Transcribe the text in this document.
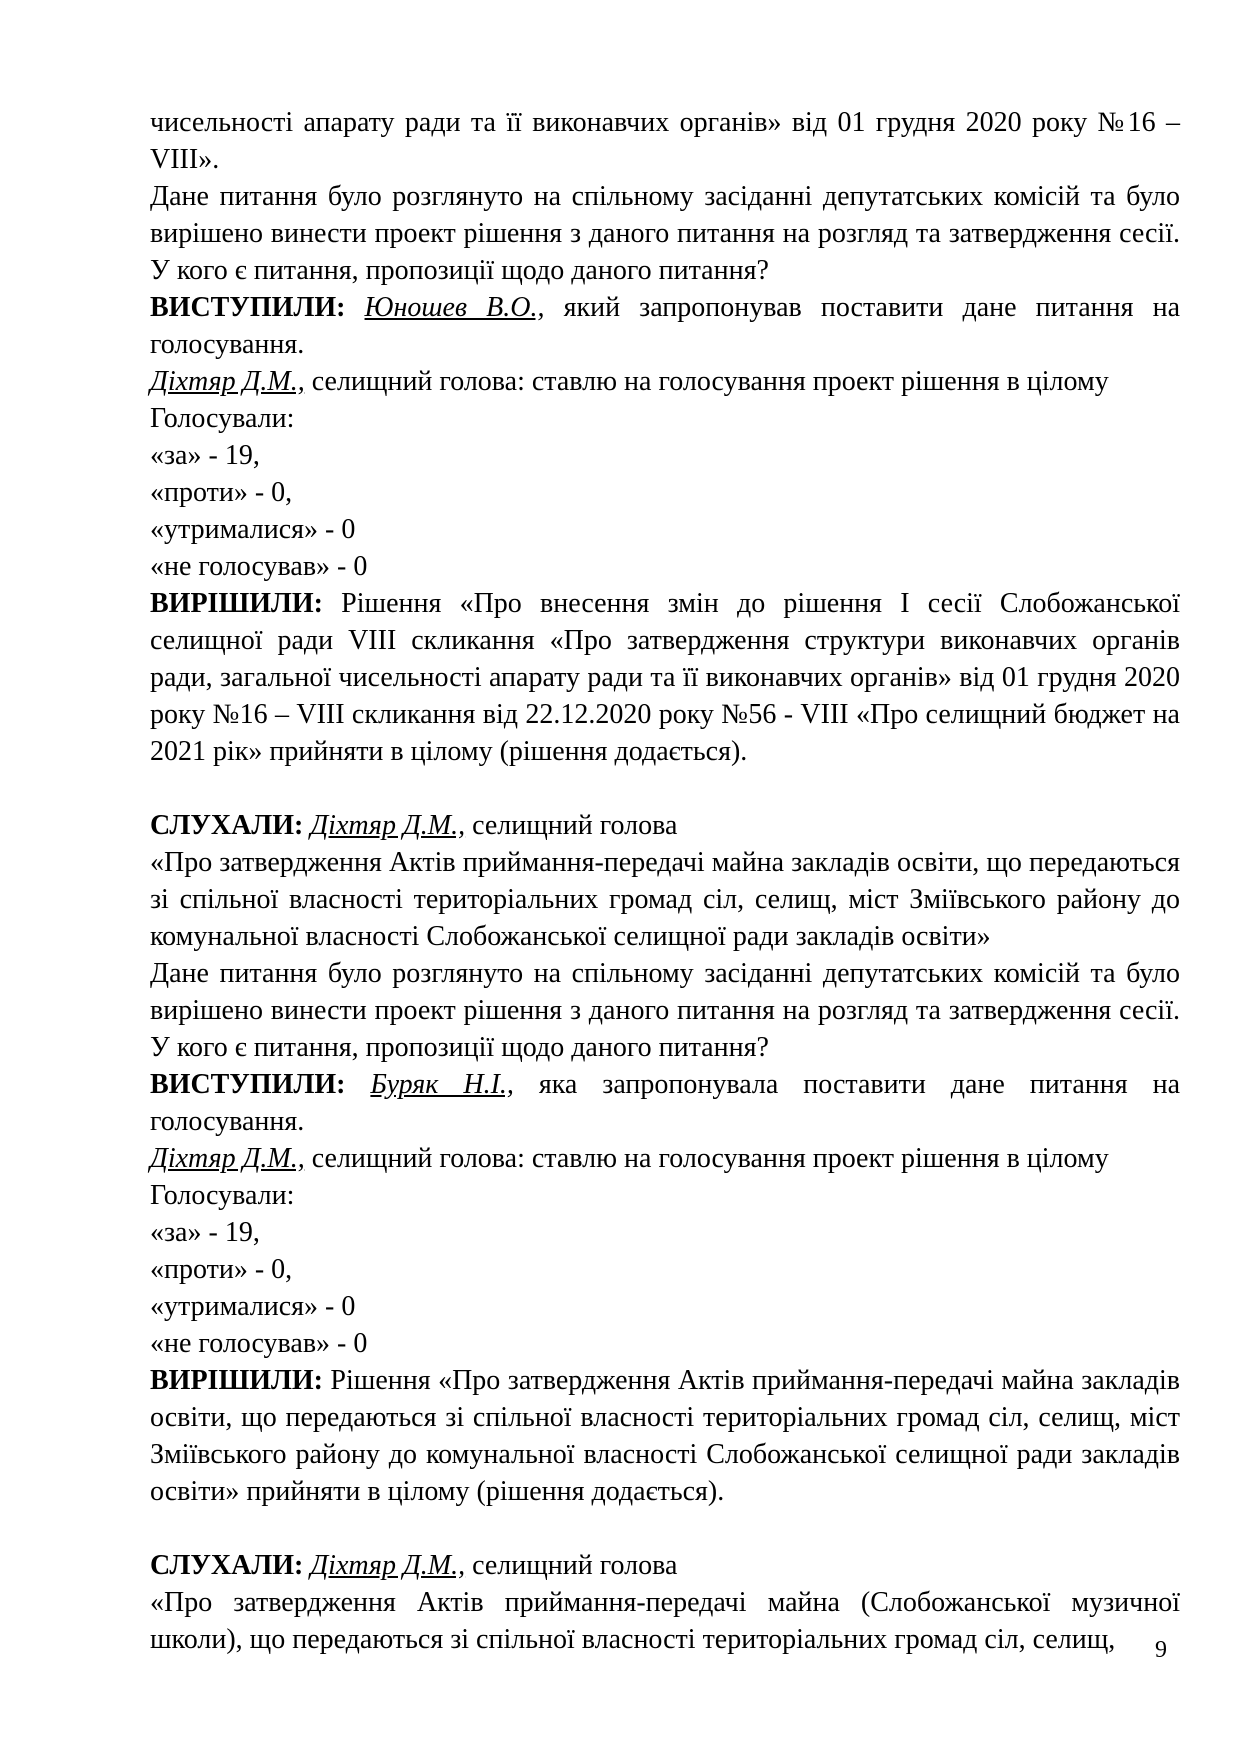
чисельності апарату ради та її виконавчих органів» від 01 грудня 2020 року №16 – VIII».

Дане питання було розглянуто на спільному засіданні депутатських комісій та було вирішено винести проект рішення з даного питання на розгляд та затвердження сесії. У кого є питання, пропозиції щодо даного питання?

ВИСТУПИЛИ: Юношев В.О., який запропонував поставити дане питання на голосування.

Діхтяр Д.М., селищний голова: ставлю на голосування проект рішення в цілому

Голосували:

«за» - 19,

«проти» - 0,

«утрималися» - 0

«не голосував» - 0

ВИРІШИЛИ: Рішення «Про внесення змін до рішення I сесії Слобожанської селищної ради VIII скликання «Про затвердження структури виконавчих органів ради, загальної чисельності апарату ради та її виконавчих органів» від 01 грудня 2020 року №16 – VІІІ скликання від 22.12.2020 року №56 - VIII «Про селищний бюджет на 2021 рік» прийняти в цілому (рішення додається).

СЛУХАЛИ: Діхтяр Д.М., селищний голова

«Про затвердження Актів приймання-передачі майна закладів освіти, що передаються зі спільної власності територіальних громад сіл, селищ, міст Зміївського району до комунальної власності Слобожанської селищної ради закладів освіти»

Дане питання було розглянуто на спільному засіданні депутатських комісій та було вирішено винести проект рішення з даного питання на розгляд та затвердження сесії. У кого є питання, пропозиції щодо даного питання?

ВИСТУПИЛИ: Буряк Н.І., яка запропонувала поставити дане питання на голосування.

Діхтяр Д.М., селищний голова: ставлю на голосування проект рішення в цілому

Голосували:

«за» - 19,

«проти» - 0,

«утрималися» - 0

«не голосував» - 0

ВИРІШИЛИ: Рішення «Про затвердження Актів приймання-передачі майна закладів освіти, що передаються зі спільної власності територіальних громад сіл, селищ, міст Зміївського району до комунальної власності Слобожанської селищної ради закладів освіти» прийняти в цілому (рішення додається).

СЛУХАЛИ: Діхтяр Д.М., селищний голова

«Про затвердження Актів приймання-передачі майна (Слобожанської музичної школи), що передаються зі спільної власності територіальних громад сіл, селищ,	9
